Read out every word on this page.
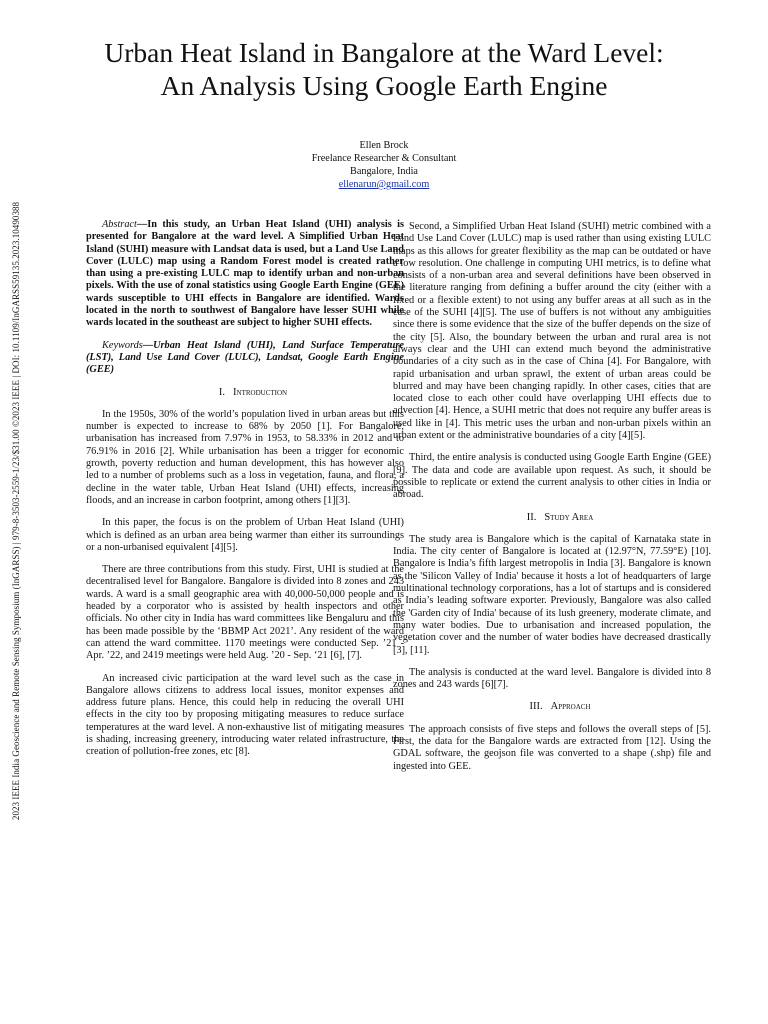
Urban Heat Island in Bangalore at the Ward Level:
An Analysis Using Google Earth Engine
Ellen Brock
Freelance Researcher & Consultant
Bangalore, India
ellenarun@gmail.com
2023 IEEE India Geoscience and Remote Sensing Symposium (InGARSS) | 979-8-3503-2559-1/23/$31.00 ©2023 IEEE | DOI: 10.1109/InGARSS59135.2023.10490388	Abstract—In this study, an Urban Heat Island (UHI) analysis is presented for Bangalore at the ward level. A Simplified Urban Heat Island (SUHI) measure with Landsat data is used, but a Land Use Land Cover (LULC) map using a Random Forest model is created rather than using a pre-existing LULC map to identify urban and non-urban pixels. With the use of zonal statistics using Google Earth Engine (GEE) wards susceptible to UHI effects in Bangalore are identified. Wards located in the north to southwest of Bangalore have lesser SUHI while wards located in the southeast are subject to higher SUHI effects.

Keywords—Urban Heat Island (UHI), Land Surface Temperature (LST), Land Use Land Cover (LULC), Landsat, Google Earth Engine (GEE)

I. Introduction

In the 1950s, 30% of the world’s population lived in urban areas but this number is expected to increase to 68% by 2050 [1]. For Bangalore, urbanisation has increased from 7.97% in 1953, to 58.33% in 2012 and to 76.91% in 2016 [2]. While urbanisation has been a trigger for economic growth, poverty reduction and human development, this has however also led to a number of problems such as a loss in vegetation, fauna, and flora, a decline in the water table, Urban Heat Island (UHI) effects, increasing floods, and an increase in carbon footprint, among others [1][3].

In this paper, the focus is on the problem of Urban Heat Island (UHI) which is defined as an urban area being warmer than either its surroundings or a non-urbanised equivalent [4][5].

There are three contributions from this study. First, UHI is studied at the decentralised level for Bangalore. Bangalore is divided into 8 zones and 243 wards. A ward is a small geographic area with 40,000-50,000 people and is headed by a corporator who is assisted by health inspectors and other officials. No other city in India has ward committees like Bengaluru and this has been made possible by the ‘BBMP Act 2021’. Any resident of the ward can attend the ward committee. 1170 meetings were conducted Sep. ’21 - Apr. ’22, and 2419 meetings were held Aug. ’20 - Sep. ‘21 [6], [7].

An increased civic participation at the ward level such as the case in Bangalore allows citizens to address local issues, monitor expenses and address future plans. Hence, this could help in reducing the overall UHI effects in the city too by proposing mitigating measures to reduce surface temperatures at the ward level. A non-exhaustive list of mitigating measures is shading, increasing greenery, introducing water related infrastructure, the creation of pollution-free zones, etc [8].

Second, a Simplified Urban Heat Island (SUHI) metric combined with a Land Use Land Cover (LULC) map is used rather than using existing LULC maps as this allows for greater flexibility as the map can be outdated or have a low resolution. One challenge in computing UHI metrics, is to define what consists of a non-urban area and several definitions have been observed in the literature ranging from defining a buffer around the city (either with a fixed or a flexible extent) to not using any buffer areas at all such as in the case of the SUHI [4][5]. The use of buffers is not without any ambiguities since there is some evidence that the size of the buffer depends on the size of the city [5]. Also, the boundary between the urban and rural area is not always clear and the UHI can extend much beyond the administrative boundaries of a city such as in the case of China [4]. For Bangalore, with rapid urbanisation and urban sprawl, the extent of urban areas could be blurred and may have been changing rapidly. In other cases, cities that are located close to each other could have overlapping UHI effects due to advection [4]. Hence, a SUHI metric that does not require any buffer areas is used like in [4]. This metric uses the urban and non-urban pixels within an urban extent or the administrative boundaries of a city [4][5].

Third, the entire analysis is conducted using Google Earth Engine (GEE) [9]. The data and code are available upon request. As such, it should be possible to replicate or extend the current analysis to other cities in India or abroad.

II. Study Area

The study area is Bangalore which is the capital of Karnataka state in India. The city center of Bangalore is located at (12.97°N, 77.59°E) [10]. Bangalore is India’s fifth largest metropolis in India [3]. Bangalore is known as the 'Silicon Valley of India' because it hosts a lot of headquarters of large multinational technology corporations, has a lot of startups and is considered as India’s leading software exporter. Previously, Bangalore was also called the 'Garden city of India' because of its lush greenery, moderate climate, and many water bodies. Due to urbanisation and increased population, the vegetation cover and the number of water bodies have decreased drastically [3], [11].

The analysis is conducted at the ward level. Bangalore is divided into 8 zones and 243 wards [6][7].

III. Approach

The approach consists of five steps and follows the overall steps of [5]. First, the data for the Bangalore wards are extracted from [12]. Using the GDAL software, the geojson file was converted to a shape (.shp) file and ingested into GEE.
